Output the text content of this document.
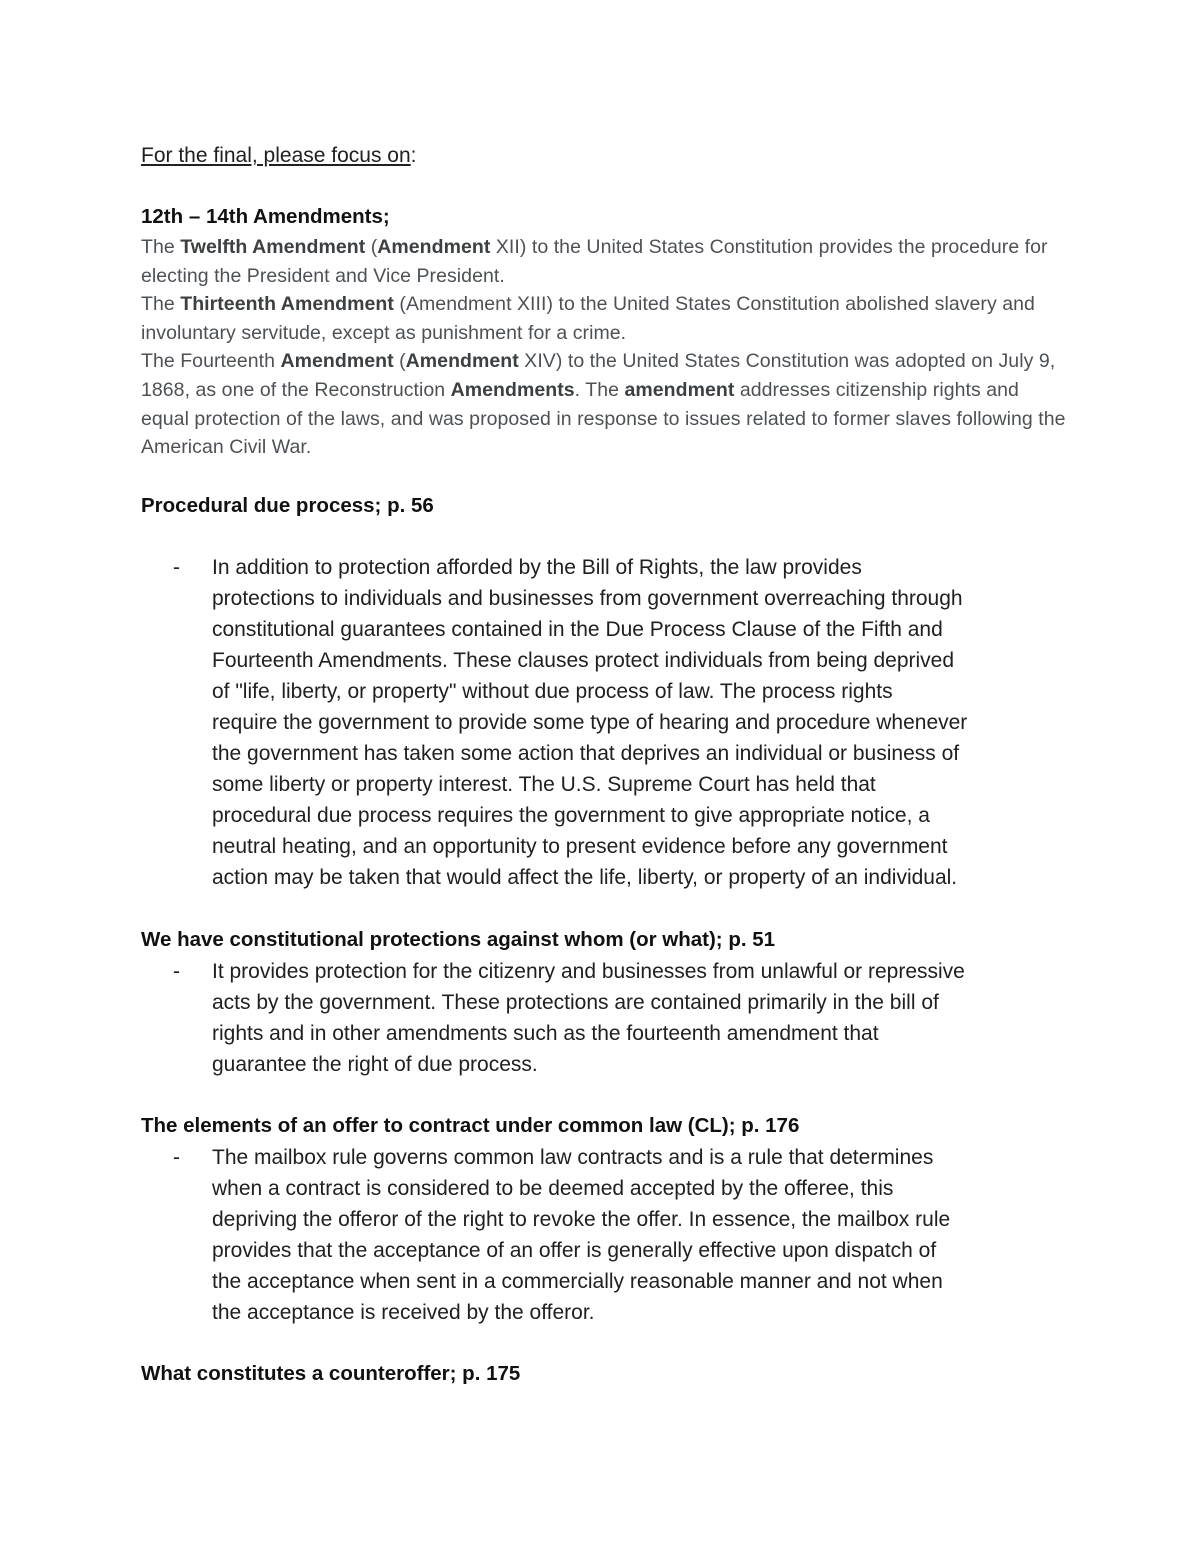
For the final, please focus on:
12th – 14th Amendments;

The Twelfth Amendment (Amendment XII) to the United States Constitution provides the procedure for electing the President and Vice President.

The Thirteenth Amendment (Amendment XIII) to the United States Constitution abolished slavery and involuntary servitude, except as punishment for a crime.

The Fourteenth Amendment (Amendment XIV) to the United States Constitution was adopted on July 9, 1868, as one of the Reconstruction Amendments. The amendment addresses citizenship rights and equal protection of the laws, and was proposed in response to issues related to former slaves following the American Civil War.

Procedural due process; p. 56
-	In addition to protection afforded by the Bill of Rights, the law provides
protections to individuals and businesses from government overreaching through
constitutional guarantees contained in the Due Process Clause of the Fifth and
Fourteenth Amendments. These clauses protect individuals from being deprived
of "life, liberty, or property" without due process of law. The process rights
require the government to provide some type of hearing and procedure whenever
the government has taken some action that deprives an individual or business of
some liberty or property interest. The U.S. Supreme Court has held that
procedural due process requires the government to give appropriate notice, a
neutral heating, and an opportunity to present evidence before any government
action may be taken that would affect the life, liberty, or property of an individual.
We have constitutional protections against whom (or what); p. 51
-	It provides protection for the citizenry and businesses from unlawful or repressive
acts by the government. These protections are contained primarily in the bill of
rights and in other amendments such as the fourteenth amendment that
guarantee the right of due process.
The elements of an offer to contract under common law (CL); p. 176
-	The mailbox rule governs common law contracts and is a rule that determines
when a contract is considered to be deemed accepted by the offeree, this
depriving the offeror of the right to revoke the offer. In essence, the mailbox rule
provides that the acceptance of an offer is generally effective upon dispatch of
the acceptance when sent in a commercially reasonable manner and not when
the acceptance is received by the offeror.
What constitutes a counteroffer; p. 175
